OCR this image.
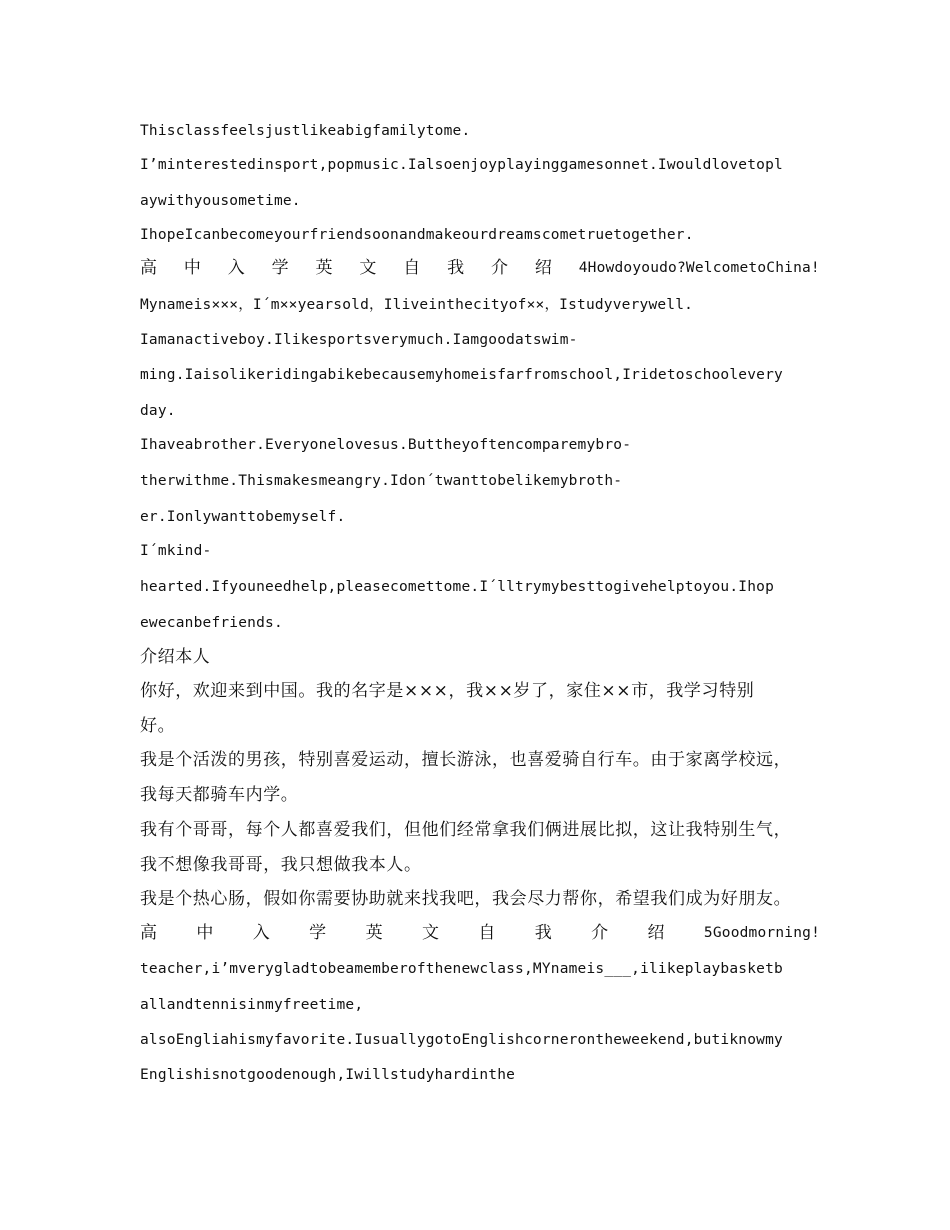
Thisclassfeelsjustlikeabigfamilytome.
I’minterestedinsport,popmusic.Ialsoenjoyplayinggamesonnet.Iwouldlovetopl
aywithyousometime.
IhopeIcanbecomeyourfriendsoonandmakeourdreamscometruetogether.
高 中 入 学 英 文 自 我 介 绍 4Howdoyoudo?WelcometoChina!
Mynameis×××，I´m××yearsold，Iliveinthecityof××，Istudyverywell.
Iamanactiveboy.Ilikesportsverymuch.Iamgoodatswim-
ming.Iaisolikeridingabikebecausemyhomeisfarfromschool,Iridetoschoolevery
day.
Ihaveabrother.Everyonelovesus.Buttheyoftencomparemybro-
therwithme.Thismakesmeangry.Idon´twanttobelikemybroth-
er.Ionlywanttobemyself.
I´mkind-
hearted.Ifyouneedhelp,pleasecomettome.I´lltrymybesttogivehelptoyou.Ihop
ewecanbefriends.
介绍本人
你好，欢迎来到中国。我的名字是×××，我××岁了，家住××市，我学习特别
好。
我是个活泼的男孩，特别喜爱运动，擅长游泳，也喜爱骑自行车。由于家离学校远，
我每天都骑车内学。
我有个哥哥，每个人都喜爱我们，但他们经常拿我们俩进展比拟，这让我特别生气，
我不想像我哥哥，我只想做我本人。
我是个热心肠，假如你需要协助就来找我吧，我会尽力帮你，希望我们成为好朋友。
高 中 入 学 英 文 自 我 介 绍	5Goodmorning!
teacher,i’mverygladtobeamemberofthenewclass,MYnameis___,ilikeplaybasketb
allandtennisinmyfreetime,
alsoEngliahismyfavorite.IusuallygotoEnglishcornerontheweekend,butiknowmy
Englishisnotgoodenough,Iwillstudyhardinthe
